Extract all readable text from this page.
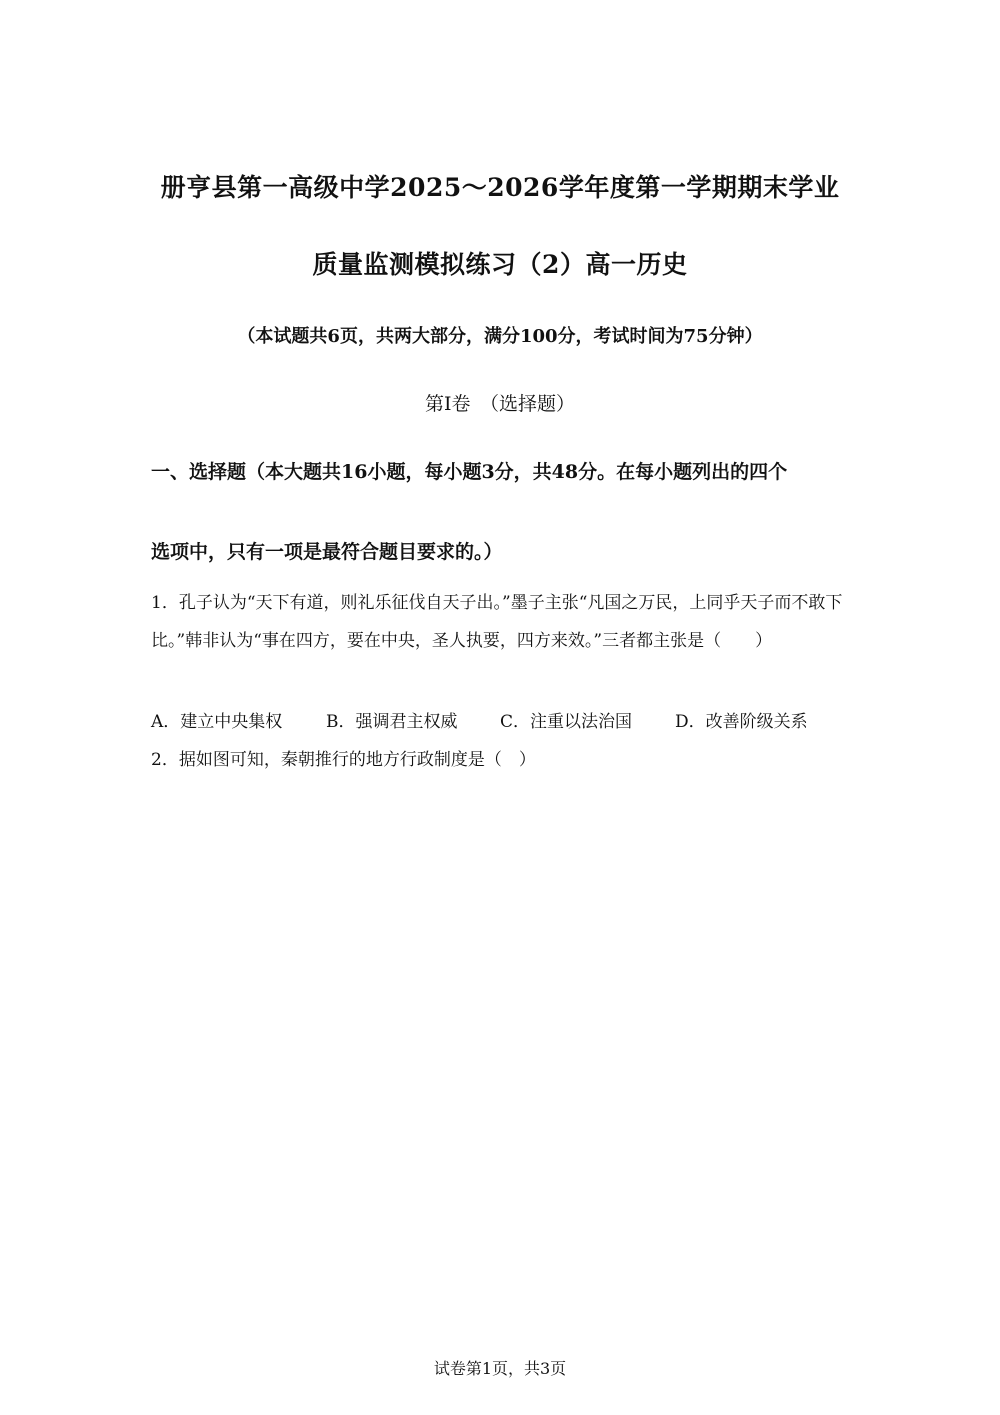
册亨县第一高级中学2025～2026学年度第一学期期末学业
质量监测模拟练习（2）高一历史
（本试题共6页，共两大部分，满分100分，考试时间为75分钟）
第Ⅰ卷　（选择题）
一、选择题（本大题共16小题，每小题3分，共48分。在每小题列出的四个
选项中，只有一项是最符合题目要求的。）
1．孔子认为“天下有道，则礼乐征伐自天子出。”墨子主张“凡国之万民，上同乎天子而不敢下比。”韩非认为“事在四方，要在中央，圣人执要，四方来效。”三者都主张是（　　）
A．建立中央集权	B．强调君主权威	C．注重以法治国	D．改善阶级关系
2．据如图可知，秦朝推行的地方行政制度是（　）
试卷第1页，共3页
